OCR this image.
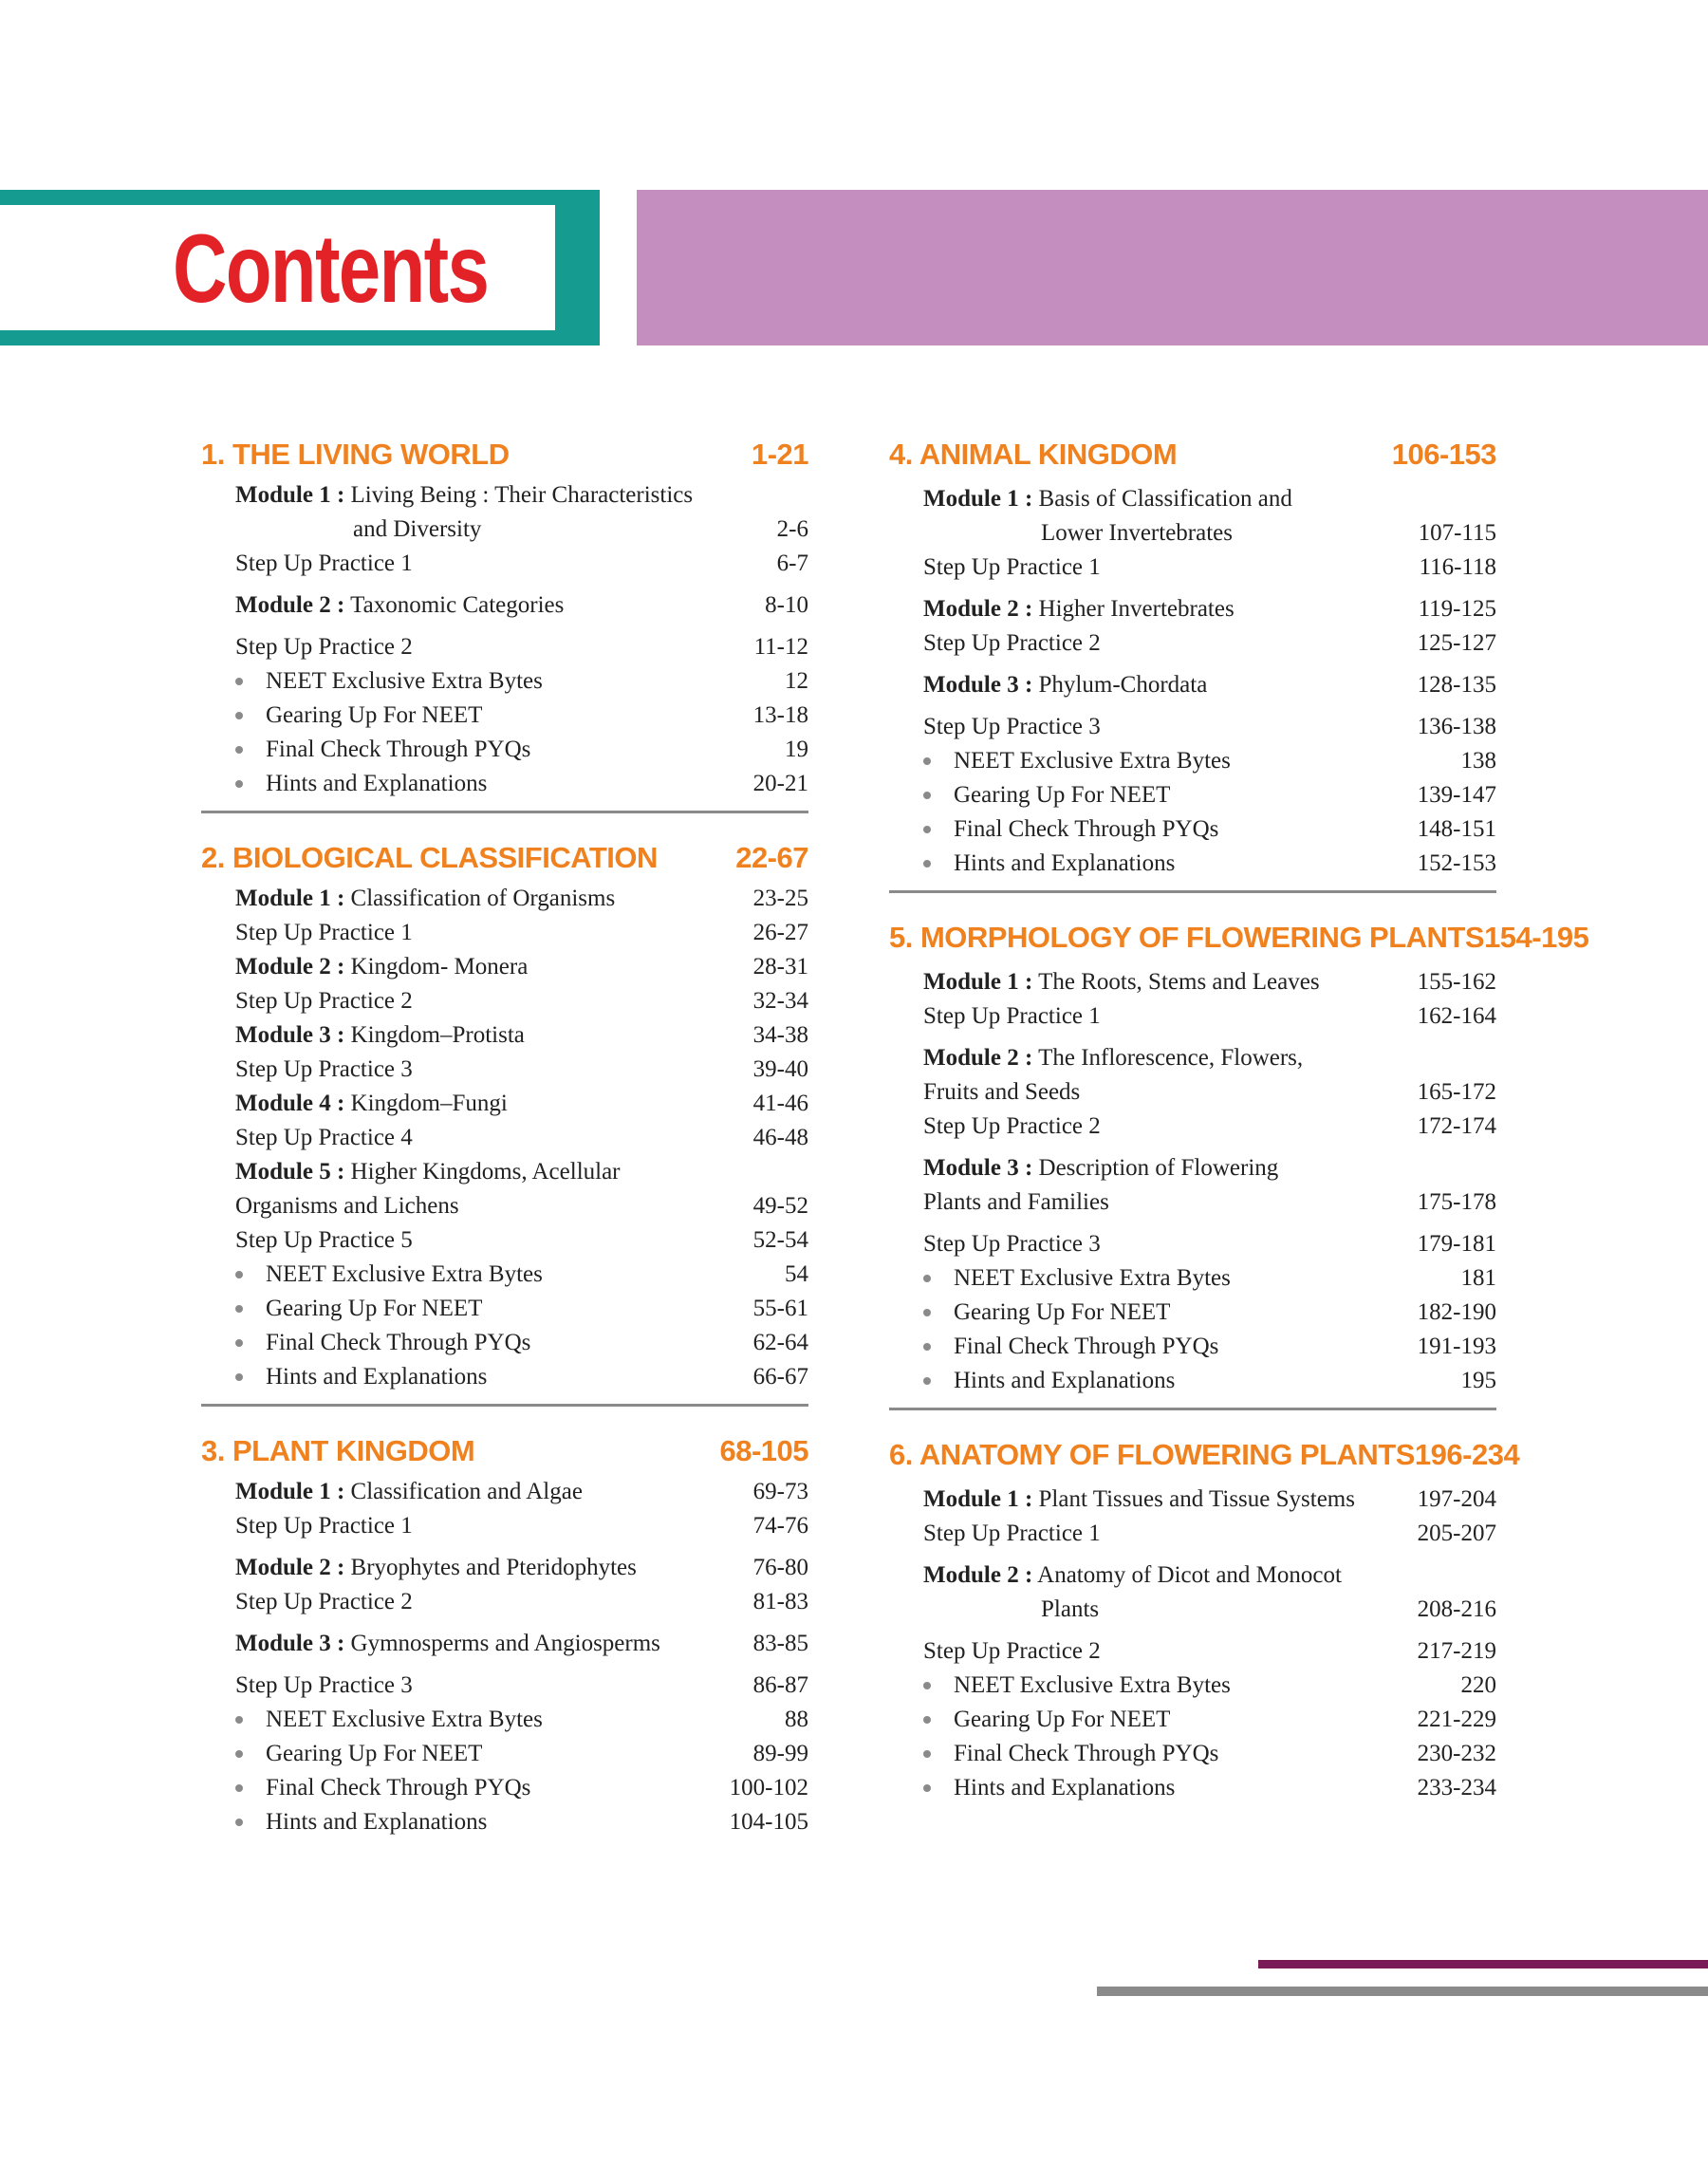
Contents
1. THE LIVING WORLD	1-21
Module 1 : Living Being : Their Characteristics
and Diversity	2-6
Step Up Practice 1	6-7
Module 2 : Taxonomic Categories	8-10
Step Up Practice 2	11-12
NEET Exclusive Extra Bytes	12
Gearing Up For NEET	13-18
Final Check Through PYQs	19
Hints and Explanations	20-21
2. BIOLOGICAL CLASSIFICATION	22-67
Module 1 : Classification of Organisms	23-25
Step Up Practice 1	26-27
Module 2 : Kingdom- Monera	28-31
Step Up Practice 2	32-34
Module 3 : Kingdom–Protista	34-38
Step Up Practice 3	39-40
Module 4 : Kingdom–Fungi	41-46
Step Up Practice 4	46-48
Module 5 : Higher Kingdoms, Acellular
Organisms and Lichens	49-52
Step Up Practice 5	52-54
NEET Exclusive Extra Bytes	54
Gearing Up For NEET	55-61
Final Check Through PYQs	62-64
Hints and Explanations	66-67
3. PLANT KINGDOM	68-105
Module 1 : Classification and Algae	69-73
Step Up Practice 1	74-76
Module 2 : Bryophytes and Pteridophytes	76-80
Step Up Practice 2	81-83
Module 3 : Gymnosperms and Angiosperms	83-85
Step Up Practice 3	86-87
NEET Exclusive Extra Bytes	88
Gearing Up For NEET	89-99
Final Check Through PYQs	100-102
Hints and Explanations	104-105
4. ANIMAL KINGDOM	106-153
Module 1 : Basis of Classification and
Lower Invertebrates	107-115
Step Up Practice 1	116-118
Module 2 : Higher Invertebrates	119-125
Step Up Practice 2	125-127
Module 3 : Phylum-Chordata	128-135
Step Up Practice 3	136-138
NEET Exclusive Extra Bytes	138
Gearing Up For NEET	139-147
Final Check Through PYQs	148-151
Hints and Explanations	152-153
5. MORPHOLOGY OF FLOWERING PLANTS 154-195
Module 1 : The Roots, Stems and Leaves	155-162
Step Up Practice 1	162-164
Module 2 : The Inflorescence, Flowers,
Fruits and Seeds	165-172
Step Up Practice 2	172-174
Module 3 : Description of Flowering
Plants and Families	175-178
Step Up Practice 3	179-181
NEET Exclusive Extra Bytes	181
Gearing Up For NEET	182-190
Final Check Through PYQs	191-193
Hints and Explanations	195
6. ANATOMY OF FLOWERING PLANTS 196-234
Module 1 : Plant Tissues and Tissue Systems	197-204
Step Up Practice 1	205-207
Module 2 : Anatomy of Dicot and Monocot
Plants	208-216
Step Up Practice 2	217-219
NEET Exclusive Extra Bytes	220
Gearing Up For NEET	221-229
Final Check Through PYQs	230-232
Hints and Explanations	233-234
